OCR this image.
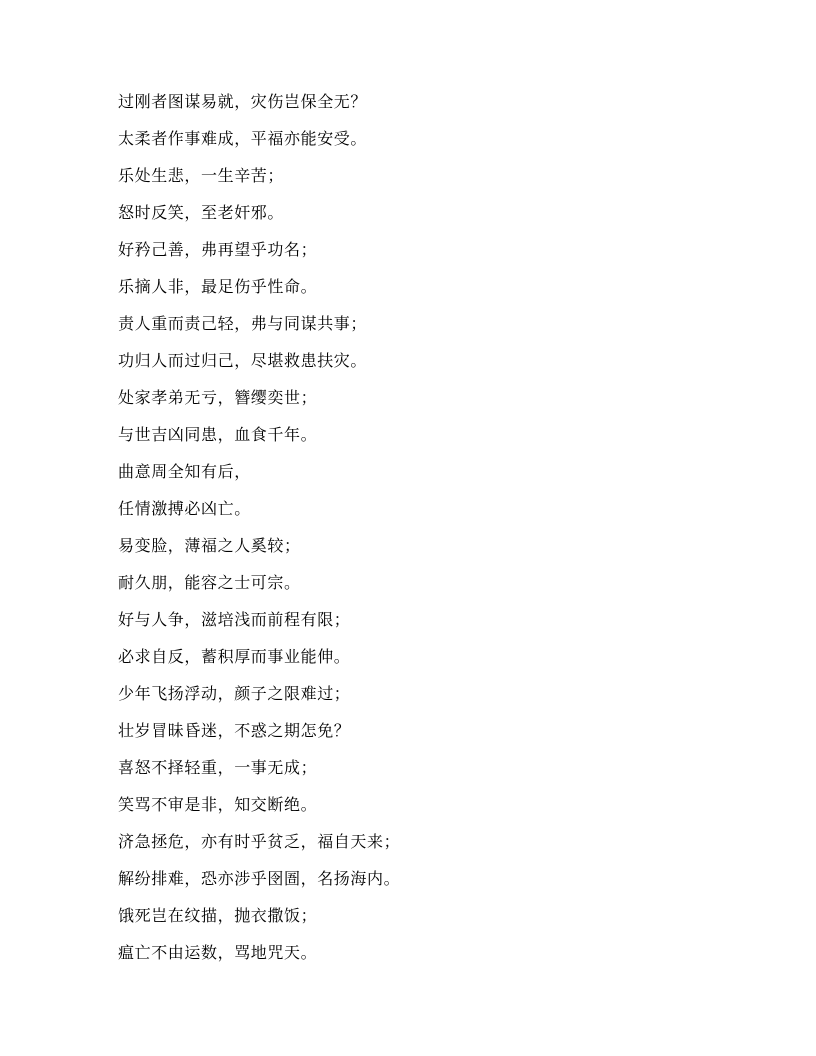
过刚者图谋易就，灾伤岂保全无？

太柔者作事难成，平福亦能安受。

乐处生悲，一生辛苦；

怒时反笑，至老奸邪。

好矜己善，弗再望乎功名；

乐摘人非，最足伤乎性命。

责人重而责己轻，弗与同谋共事；

功归人而过归己，尽堪救患扶灾。

处家孝弟无亏，簪缨奕世；

与世吉凶同患，血食千年。

曲意周全知有后，

任情激搏必凶亡。

易变脸，薄福之人奚较；

耐久朋，能容之士可宗。

好与人争，滋培浅而前程有限；

必求自反，蓄积厚而事业能伸。

少年飞扬浮动，颜子之限难过；

壮岁冒昧昏迷，不惑之期怎免？

喜怒不择轻重，一事无成；

笑骂不审是非，知交断绝。

济急拯危，亦有时乎贫乏，福自天来；

解纷排难，恐亦涉乎囹圄，名扬海内。

饿死岂在纹描，抛衣撒饭；

瘟亡不由运数，骂地咒天。
